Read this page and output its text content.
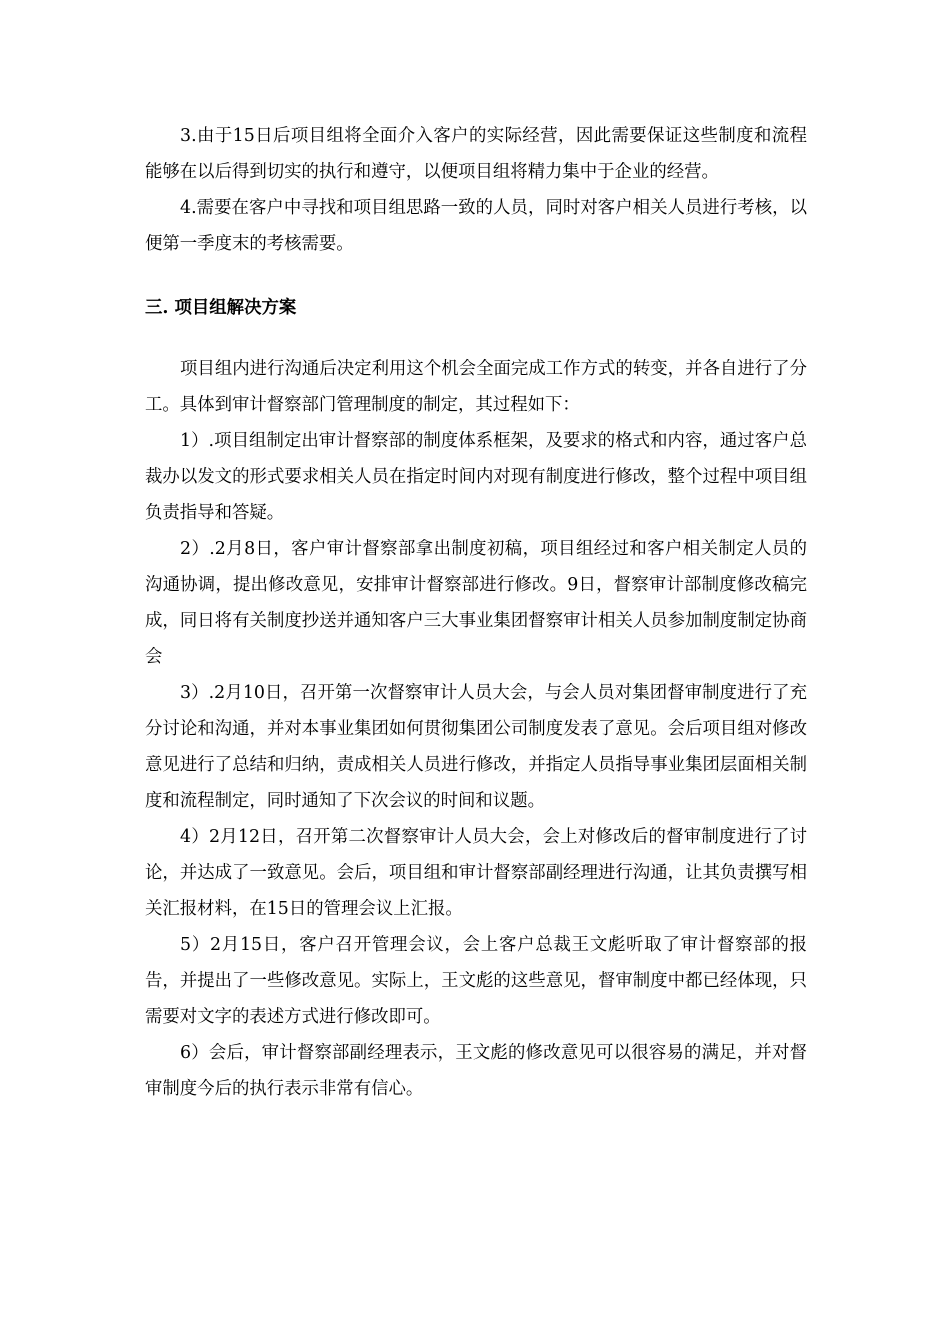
3.由于15日后项目组将全面介入客户的实际经营，因此需要保证这些制度和流程能够在以后得到切实的执行和遵守，以便项目组将精力集中于企业的经营。

4.需要在客户中寻找和项目组思路一致的人员，同时对客户相关人员进行考核，以便第一季度末的考核需要。

三. 项目组解决方案

项目组内进行沟通后决定利用这个机会全面完成工作方式的转变，并各自进行了分工。具体到审计督察部门管理制度的制定，其过程如下：

1）.项目组制定出审计督察部的制度体系框架，及要求的格式和内容，通过客户总裁办以发文的形式要求相关人员在指定时间内对现有制度进行修改，整个过程中项目组负责指导和答疑。

2）.2月8日，客户审计督察部拿出制度初稿，项目组经过和客户相关制定人员的沟通协调，提出修改意见，安排审计督察部进行修改。9日，督察审计部制度修改稿完成，同日将有关制度抄送并通知客户三大事业集团督察审计相关人员参加制度制定协商会

3）.2月10日，召开第一次督察审计人员大会，与会人员对集团督审制度进行了充分讨论和沟通，并对本事业集团如何贯彻集团公司制度发表了意见。会后项目组对修改意见进行了总结和归纳，责成相关人员进行修改，并指定人员指导事业集团层面相关制度和流程制定，同时通知了下次会议的时间和议题。

4）2月12日，召开第二次督察审计人员大会，会上对修改后的督审制度进行了讨论，并达成了一致意见。会后，项目组和审计督察部副经理进行沟通，让其负责撰写相关汇报材料，在15日的管理会议上汇报。

5）2月15日，客户召开管理会议，会上客户总裁王文彪听取了审计督察部的报告，并提出了一些修改意见。实际上，王文彪的这些意见，督审制度中都已经体现，只需要对文字的表述方式进行修改即可。

6）会后，审计督察部副经理表示，王文彪的修改意见可以很容易的满足，并对督审制度今后的执行表示非常有信心。
